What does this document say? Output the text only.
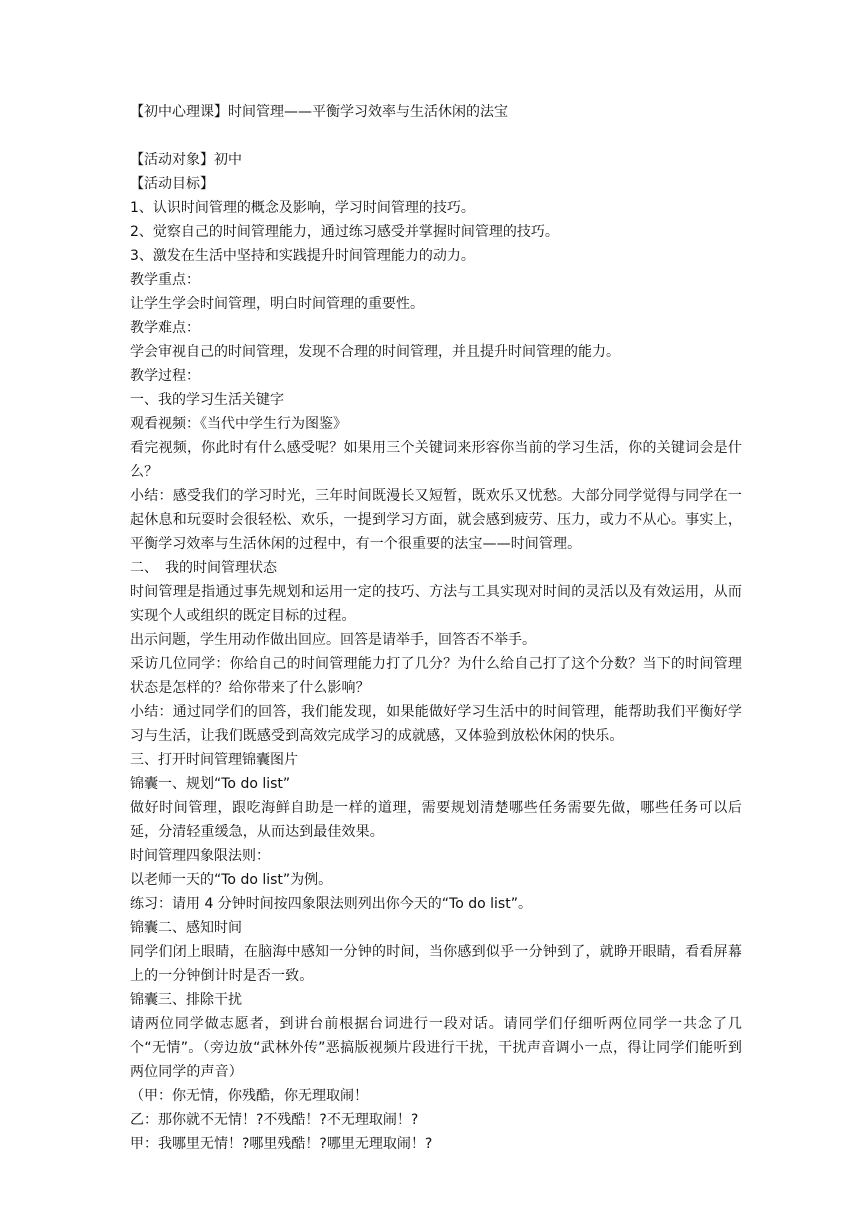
【初中心理课】时间管理——平衡学习效率与生活休闲的法宝

【活动对象】初中

【活动目标】

1、认识时间管理的概念及影响，学习时间管理的技巧。

2、觉察自己的时间管理能力，通过练习感受并掌握时间管理的技巧。

3、激发在生活中坚持和实践提升时间管理能力的动力。

教学重点：

让学生学会时间管理，明白时间管理的重要性。

教学难点：

学会审视自己的时间管理，发现不合理的时间管理，并且提升时间管理的能力。

教学过程：

一、我的学习生活关键字

观看视频：《当代中学生行为图鉴》

看完视频，你此时有什么感受呢？如果用三个关键词来形容你当前的学习生活，你的关键词会是什么？

小结：感受我们的学习时光，三年时间既漫长又短暂，既欢乐又忧愁。大部分同学觉得与同学在一起休息和玩耍时会很轻松、欢乐，一提到学习方面，就会感到疲劳、压力，或力不从心。事实上，平衡学习效率与生活休闲的过程中，有一个很重要的法宝——时间管理。

二、　我的时间管理状态

时间管理是指通过事先规划和运用一定的技巧、方法与工具实现对时间的灵活以及有效运用，从而实现个人或组织的既定目标的过程。

出示问题，学生用动作做出回应。回答是请举手，回答否不举手。

采访几位同学：你给自己的时间管理能力打了几分？为什么给自己打了这个分数？当下的时间管理状态是怎样的？给你带来了什么影响？

小结：通过同学们的回答，我们能发现，如果能做好学习生活中的时间管理，能帮助我们平衡好学习与生活，让我们既感受到高效完成学习的成就感，又体验到放松休闲的快乐。

三、打开时间管理锦囊图片

锦囊一、规划“To do list”

做好时间管理，跟吃海鲜自助是一样的道理，需要规划清楚哪些任务需要先做，哪些任务可以后延，分清轻重缓急，从而达到最佳效果。

时间管理四象限法则：

以老师一天的“To do list”为例。

练习：请用 4 分钟时间按四象限法则列出你今天的“To do list”。

锦囊二、感知时间

同学们闭上眼睛，在脑海中感知一分钟的时间，当你感到似乎一分钟到了，就睁开眼睛，看看屏幕上的一分钟倒计时是否一致。

锦囊三、排除干扰

请两位同学做志愿者，到讲台前根据台词进行一段对话。请同学们仔细听两位同学一共念了几个“无情”。（旁边放“武林外传”恶搞版视频片段进行干扰，干扰声音调小一点，得让同学们能听到两位同学的声音）

（甲：你无情，你残酷，你无理取闹！

乙：那你就不无情！?不残酷！?不无理取闹！?

甲：我哪里无情！?哪里残酷！?哪里无理取闹！?
